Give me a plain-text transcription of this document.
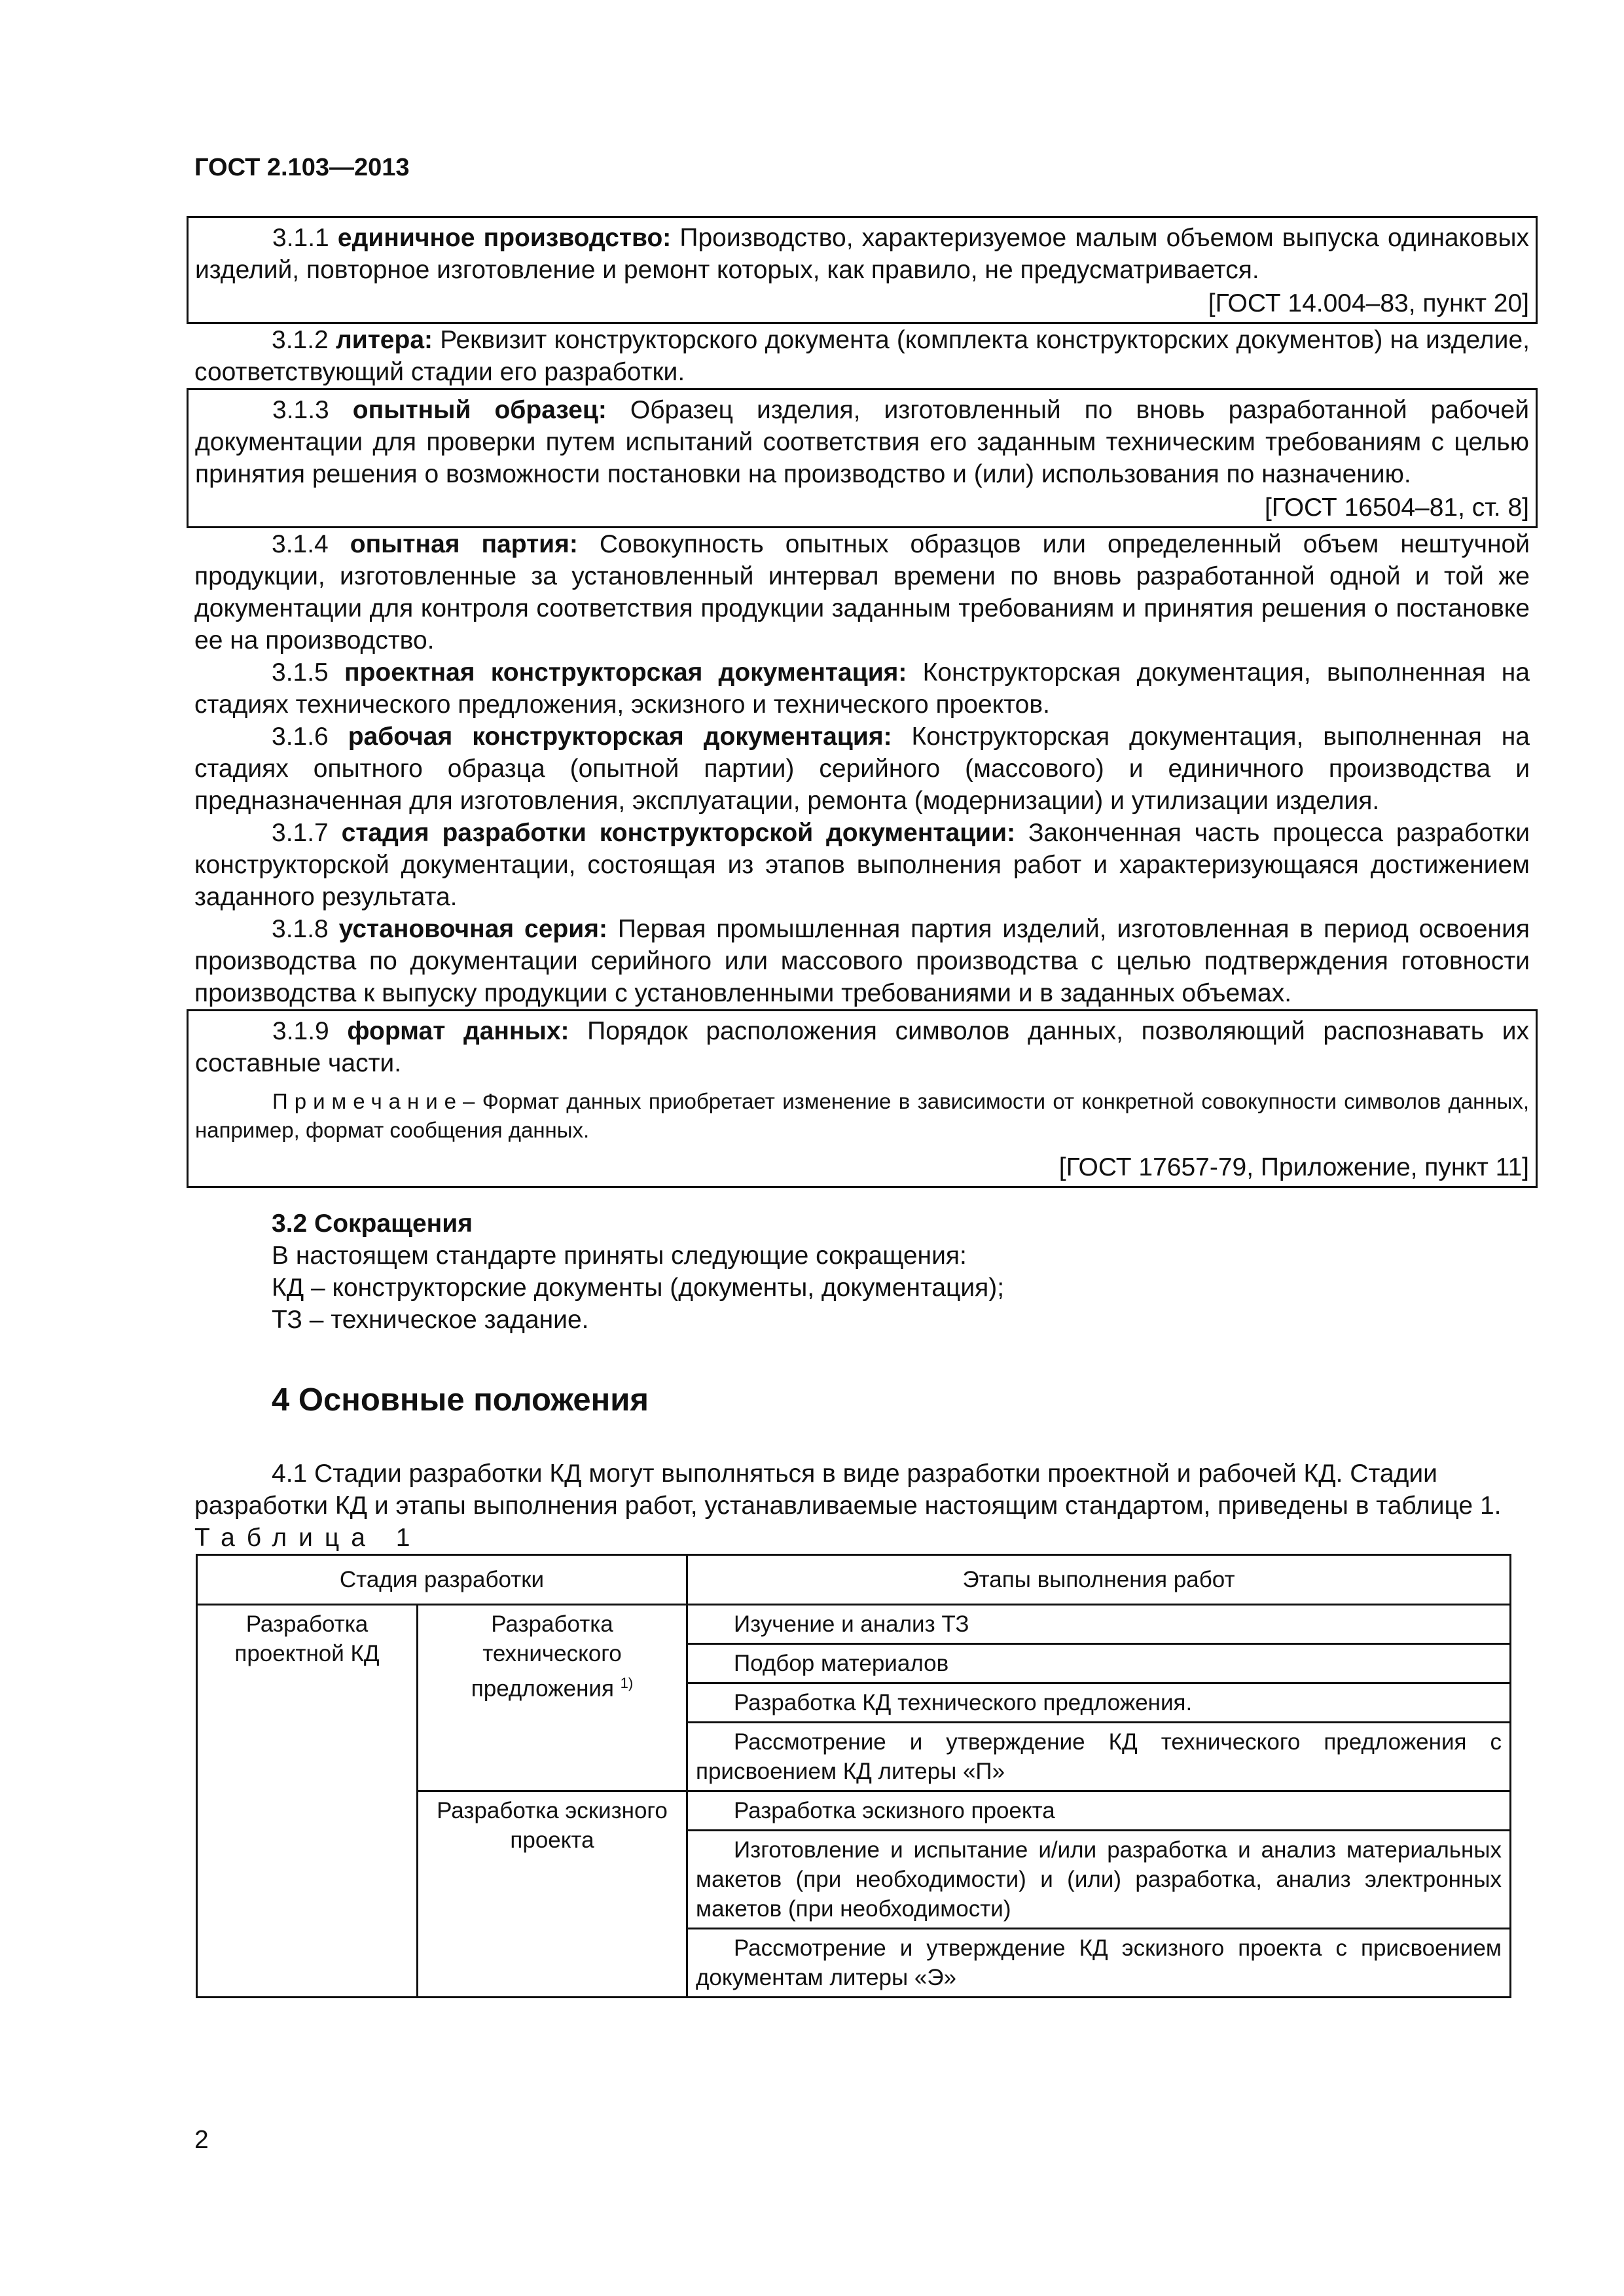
ГОСТ 2.103—2013

3.1.1 единичное производство: Производство, характеризуемое малым объемом выпуска одинаковых изделий, повторное изготовление и ремонт которых, как правило, не предусматривается.

[ГОСТ 14.004–83, пункт 20]

3.1.2 литера: Реквизит конструкторского документа (комплекта конструкторских документов) на изделие, соответствующий стадии его разработки.

3.1.3 опытный образец: Образец изделия, изготовленный по вновь разработанной рабочей документации для проверки путем испытаний соответствия его заданным техническим требованиям с целью принятия решения о возможности постановки на производство и (или) использования по назначению.

[ГОСТ 16504–81, ст. 8]

3.1.4 опытная партия: Совокупность опытных образцов или определенный объем нештучной продукции, изготовленные за установленный интервал времени по вновь разработанной одной и той же документации для контроля соответствия продукции заданным требованиям и принятия решения о постановке ее на производство.

3.1.5 проектная конструкторская документация: Конструкторская документация, выполненная на стадиях технического предложения, эскизного и технического проектов.

3.1.6 рабочая конструкторская документация: Конструкторская документация, выполненная на стадиях опытного образца (опытной партии) серийного (массового) и единичного производства и предназначенная для изготовления, эксплуатации, ремонта (модернизации) и утилизации изделия.

3.1.7 стадия разработки конструкторской документации: Законченная часть процесса разработки конструкторской документации, состоящая из этапов выполнения работ и характеризующаяся достижением заданного результата.

3.1.8 установочная серия: Первая промышленная партия изделий, изготовленная в период освоения производства по документации серийного или массового производства с целью подтверждения готовности производства к выпуску продукции с установленными требованиями и в заданных объемах.

3.1.9 формат данных: Порядок расположения символов данных, позволяющий распознавать их составные части.

Примечание– Формат данных приобретает изменение в зависимости от конкретной совокупности символов данных, например, формат сообщения данных.

[ГОСТ 17657-79, Приложение, пункт 11]

3.2 Сокращения

В настоящем стандарте приняты следующие сокращения:

КД – конструкторские документы (документы, документация);

ТЗ – техническое задание.

4 Основные положения

4.1 Стадии разработки КД могут выполняться в виде разработки проектной и рабочей КД. Стадии разработки КД и этапы выполнения работ, устанавливаемые настоящим стандартом, приведены в таблице 1.

Таблица 1

Стадия разработки		Этапы выполнения работ
Разработка проектной КД	Разработка технического предложения $^{1)}$	Изучение и анализ ТЗ
		Подбор материалов
		Разработка КД технического предложения.
		Рассмотрение и утверждение КД технического предложения с присвоением КД литеры «П»
	Разработка эскизного проекта	Разработка эскизного проекта
		Изготовление и испытание и/или разработка и анализ материальных макетов (при необходимости) и (или) разработка, анализ электронных макетов (при необходимости)
		Рассмотрение и утверждение КД эскизного проекта с присвоением документам литеры «Э»
2
